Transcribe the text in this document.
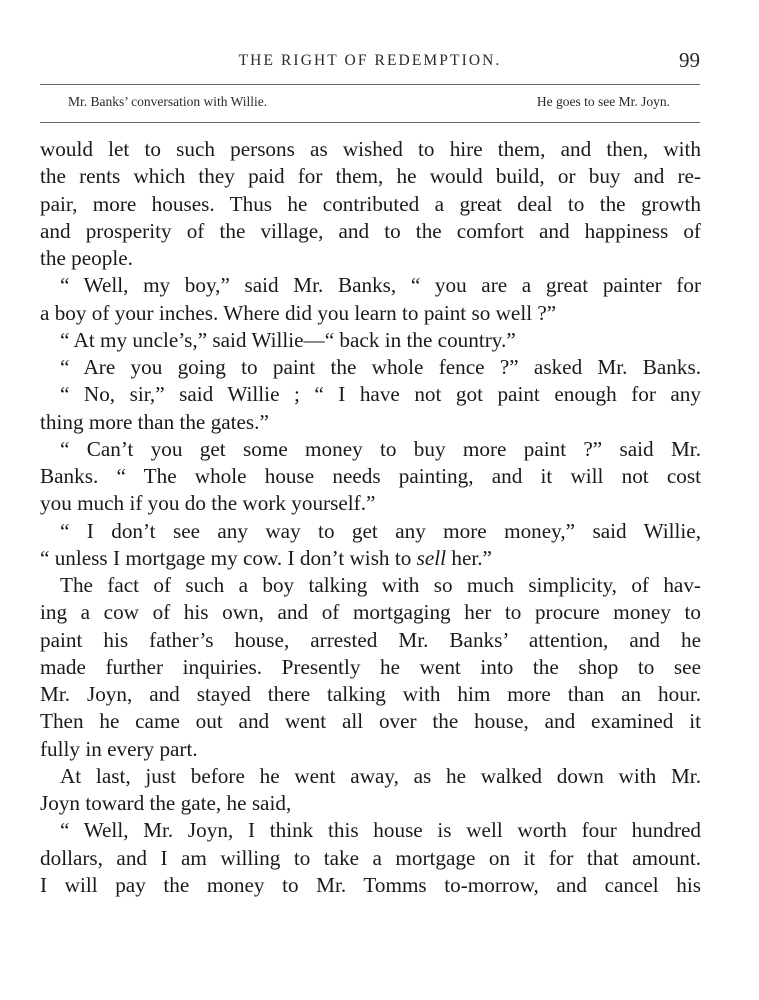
THE RIGHT OF REDEMPTION.	99
Mr. Banks’ conversation with Willie.	He goes to see Mr. Joyn.
would let to such persons as wished to hire them, and then, with
the rents which they paid for them, he would build, or buy and re-
pair, more houses. Thus he contributed a great deal to the growth
and prosperity of the village, and to the comfort and happiness of
the people.
“ Well, my boy,” said Mr. Banks, “ you are a great painter for
a boy of your inches. Where did you learn to paint so well ?”
“ At my uncle’s,” said Willie—“ back in the country.”
“ Are you going to paint the whole fence ?” asked Mr. Banks.
“ No, sir,” said Willie ; “ I have not got paint enough for any
thing more than the gates.”
“ Can’t you get some money to buy more paint ?” said Mr.
Banks. “ The whole house needs painting, and it will not cost
you much if you do the work yourself.”
“ I don’t see any way to get any more money,” said Willie,
“ unless I mortgage my cow. I don’t wish to sell her.”
The fact of such a boy talking with so much simplicity, of hav-
ing a cow of his own, and of mortgaging her to procure money to
paint his father’s house, arrested Mr. Banks’ attention, and he
made further inquiries. Presently he went into the shop to see
Mr. Joyn, and stayed there talking with him more than an hour.
Then he came out and went all over the house, and examined it
fully in every part.
At last, just before he went away, as he walked down with Mr.
Joyn toward the gate, he said,
“ Well, Mr. Joyn, I think this house is well worth four hundred
dollars, and I am willing to take a mortgage on it for that amount.
I will pay the money to Mr. Tomms to-morrow, and cancel his
